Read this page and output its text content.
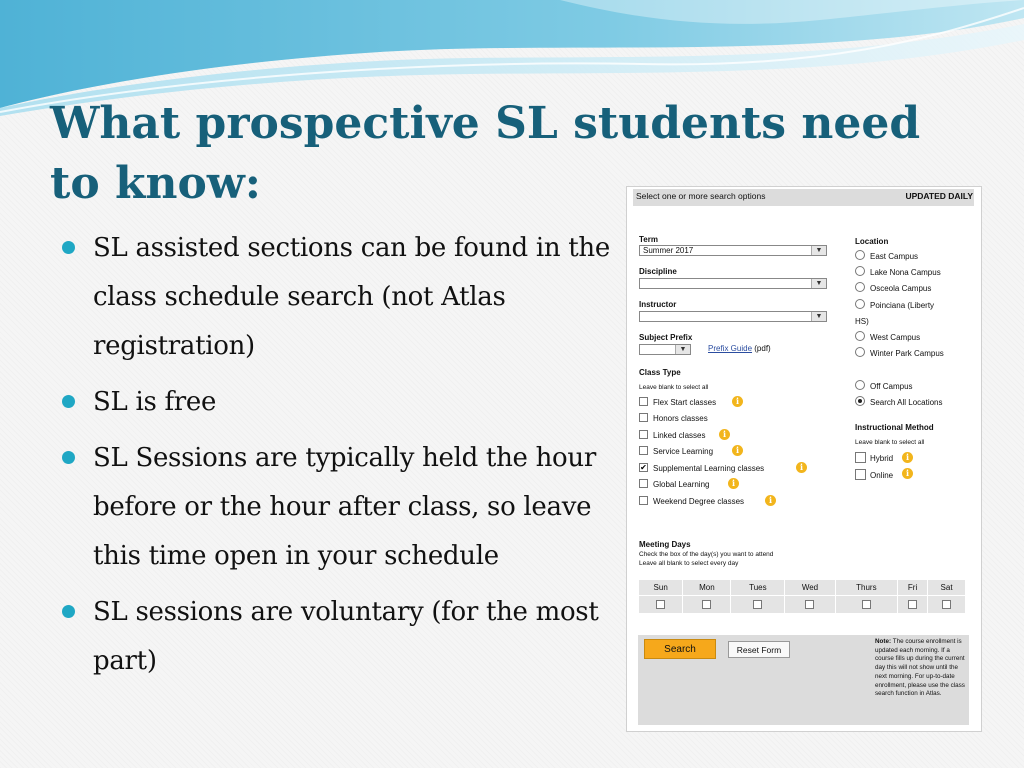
What prospective SL students need to know:
SL assisted sections can be found in the class schedule search (not Atlas registration)
SL is free
SL Sessions are typically held the hour before or the hour after class, so leave this time open in your schedule
SL sessions are voluntary (for the most part)
Select one or more search options	UPDATED DAILY
Term
Summer 2017	▼
Discipline
▼
Instructor
▼
Subject Prefix
▼	Prefix Guide (pdf)
Class Type
Leave blank to select all
Flex Start classes	i
Honors classes
Linked classes	i
Service Learning	i
✔ Supplemental Learning classes	i
Global Learning	i
Weekend Degree classes	i
Location
East Campus
Lake Nona Campus
Osceola Campus
Poinciana (Liberty
HS)
West Campus
Winter Park Campus
Off Campus
Search All Locations
Instructional Method
Leave blank to select all
Hybrid	i
Online	i
Meeting Days
Check the box of the day(s) you want to attend
Leave all blank to select every day
Sun	Mon	Tues	Wed	Thurs	Fri	Sat

Search	Reset Form
Note: The course enrollment is updated each morning. If a course fills up during the current day this will not show until the next morning. For up-to-date enrollment, please use the class search function in Atlas.
